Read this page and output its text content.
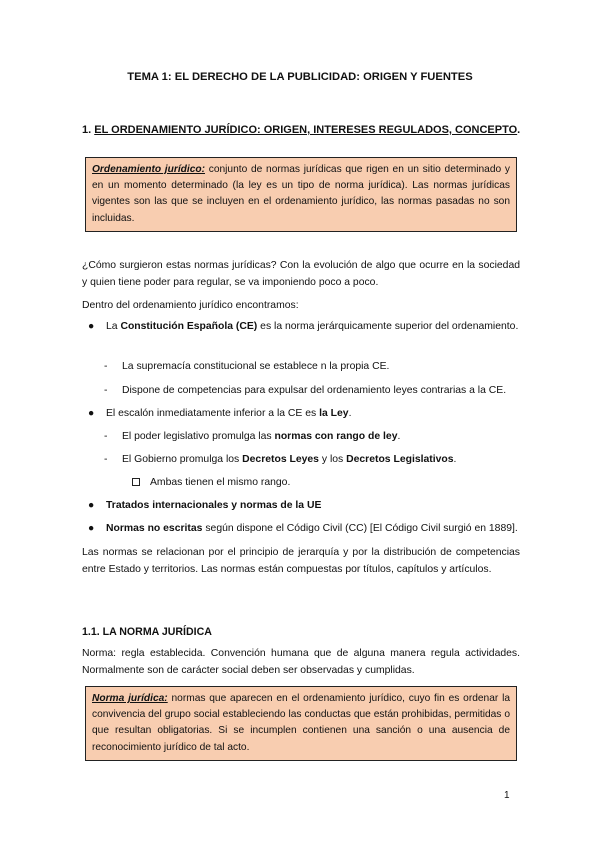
TEMA 1: EL DERECHO DE LA PUBLICIDAD: ORIGEN Y FUENTES
1. EL ORDENAMIENTO JURÍDICO: ORIGEN, INTERESES REGULADOS, CONCEPTO.
Ordenamiento jurídico: conjunto de normas jurídicas que rigen en un sitio determinado y en un momento determinado (la ley es un tipo de norma jurídica). Las normas jurídicas vigentes son las que se incluyen en el ordenamiento jurídico, las normas pasadas no son incluidas.
¿Cómo surgieron estas normas jurídicas? Con la evolución de algo que ocurre en la sociedad y quien tiene poder para regular, se va imponiendo poco a poco.
Dentro del ordenamiento jurídico encontramos:
● La Constitución Española (CE) es la norma jerárquicamente superior del ordenamiento.
- La supremacía constitucional se establece n la propia CE.
- Dispone de competencias para expulsar del ordenamiento leyes contrarias a la CE.
● El escalón inmediatamente inferior a la CE es la Ley.
- El poder legislativo promulga las normas con rango de ley.
- El Gobierno promulga los Decretos Leyes y los Decretos Legislativos.
Ambas tienen el mismo rango.
● Tratados internacionales y normas de la UE
● Normas no escritas según dispone el Código Civil (CC) [El Código Civil surgió en 1889].
Las normas se relacionan por el principio de jerarquía y por la distribución de competencias entre Estado y territorios. Las normas están compuestas por títulos, capítulos y artículos.
1.1. LA NORMA JURÍDICA
Norma: regla establecida. Convención humana que de alguna manera regula actividades. Normalmente son de carácter social deben ser observadas y cumplidas.
Norma jurídica: normas que aparecen en el ordenamiento jurídico, cuyo fin es ordenar la convivencia del grupo social estableciendo las conductas que están prohibidas, permitidas o que resultan obligatorias. Si se incumplen contienen una sanción o una ausencia de reconocimiento jurídico de tal acto.
1
